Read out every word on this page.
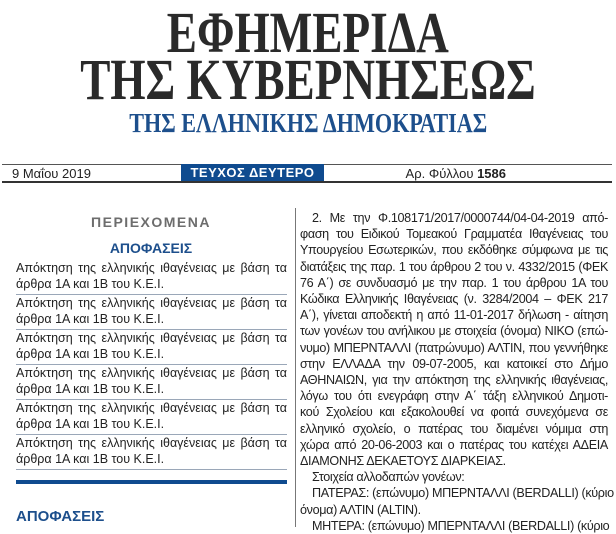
ΕΦΗΜΕΡΙΔΑ
ΤΗΣ ΚΥΒΕΡΝΗΣΕΩΣ
ΤΗΣ ΕΛΛΗΝΙΚΗΣ ΔΗΜΟΚΡΑΤΙΑΣ
9 Μαΐου 2019	ΤΕΥΧΟΣ ΔΕΥΤΕΡΟ	Αρ. Φύλλου 1586
ΠΕΡΙΕΧΟΜΕΝΑ
ΑΠΟΦΑΣΕΙΣ
Απόκτηση της ελληνικής ιθαγένειας με βάση τα
άρθρα 1Α και 1Β του Κ.Ε.Ι.
Απόκτηση της ελληνικής ιθαγένειας με βάση τα
άρθρα 1Α και 1Β του Κ.Ε.Ι.
Απόκτηση της ελληνικής ιθαγένειας με βάση τα
άρθρα 1Α και 1Β του Κ.Ε.Ι.
Απόκτηση της ελληνικής ιθαγένειας με βάση τα
άρθρα 1Α και 1Β του Κ.Ε.Ι.
Απόκτηση της ελληνικής ιθαγένειας με βάση τα
άρθρα 1Α και 1Β του Κ.Ε.Ι.
Απόκτηση της ελληνικής ιθαγένειας με βάση τα
άρθρα 1Α και 1Β του Κ.Ε.Ι.
ΑΠΟΦΑΣΕΙΣ
2. Με την Φ.108171/2017/0000744/04-04-2019 από-
φαση του Ειδικού Τομεακού Γραμματέα Ιθαγένειας του
Υπουργείου Εσωτερικών, που εκδόθηκε σύμφωνα με τις
διατάξεις της παρ. 1 του άρθρου 2 του ν. 4332/2015 (ΦΕΚ
76 Α΄) σε συνδυασμό με την παρ. 1 του άρθρου 1Α του
Κώδικα Ελληνικής Ιθαγένειας (ν. 3284/2004 – ΦΕΚ 217
Α΄), γίνεται αποδεκτή η από 11-01-2017 δήλωση - αίτηση
των γονέων του ανήλικου με στοιχεία (όνομα) ΝΙΚΟ (επώ-
νυμο) ΜΠΕΡΝΤΑΛΛΙ (πατρώνυμο) ΑΛΤΙΝ, που γεννήθηκε
στην ΕΛΛΑΔΑ την 09-07-2005, και κατοικεί στο Δήμο
ΑΘΗΝΑΙΩΝ, για την απόκτηση της ελληνικής ιθαγένειας,
λόγω του ότι ενεγράφη στην Α΄ τάξη ελληνικού Δημοτι-
κού Σχολείου και εξακολουθεί να φοιτά συνεχόμενα σε
ελληνικό σχολείο, ο πατέρας του διαμένει νόμιμα στη
χώρα από 20-06-2003 και ο πατέρας του κατέχει ΑΔΕΙΑ
ΔΙΑΜΟΝΗΣ ΔΕΚΑΕΤΟΥΣ ΔΙΑΡΚΕΙΑΣ.
Στοιχεία αλλοδαπών γονέων:
ΠΑΤΕΡΑΣ: (επώνυμο) ΜΠΕΡΝΤΑΛΛΙ (BERDALLI) (κύριο
όνομα) ΑΛΤΙΝ (ALTIN).
ΜΗΤΕΡΑ: (επώνυμο) ΜΠΕΡΝΤΑΛΛΙ (BERDALLI) (κύριο
